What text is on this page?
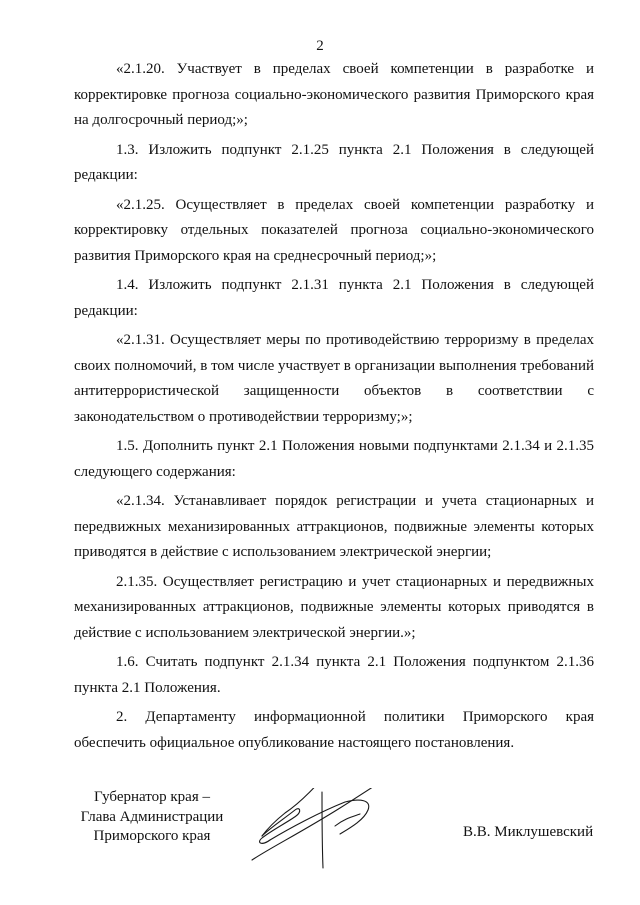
2

«2.1.20. Участвует в пределах своей компетенции в разработке и корректировке прогноза социально-экономического развития Приморского края на долгосрочный период;»;

1.3. Изложить подпункт 2.1.25 пункта 2.1 Положения в следующей редакции:

«2.1.25. Осуществляет в пределах своей компетенции разработку и корректировку отдельных показателей прогноза социально-экономического развития Приморского края на среднесрочный период;»;

1.4. Изложить подпункт 2.1.31 пункта 2.1 Положения в следующей редакции:

«2.1.31. Осуществляет меры по противодействию терроризму в пределах своих полномочий, в том числе участвует в организации выполнения требований антитеррористической защищенности объектов в соответствии с законодательством о противодействии терроризму;»;

1.5. Дополнить пункт 2.1 Положения новыми подпунктами 2.1.34 и 2.1.35 следующего содержания:

«2.1.34. Устанавливает порядок регистрации и учета стационарных и передвижных механизированных аттракционов, подвижные элементы которых приводятся в действие с использованием электрической энергии;

2.1.35. Осуществляет регистрацию и учет стационарных и передвижных механизированных аттракционов, подвижные элементы которых приводятся в действие с использованием электрической энергии.»;

1.6. Считать подпункт 2.1.34 пункта 2.1 Положения подпунктом 2.1.36 пункта 2.1 Положения.

2. Департаменту информационной политики Приморского края обеспечить официальное опубликование настоящего постановления.

Губернатор края –
Глава Администрации
Приморского края	В.В. Миклушевский
